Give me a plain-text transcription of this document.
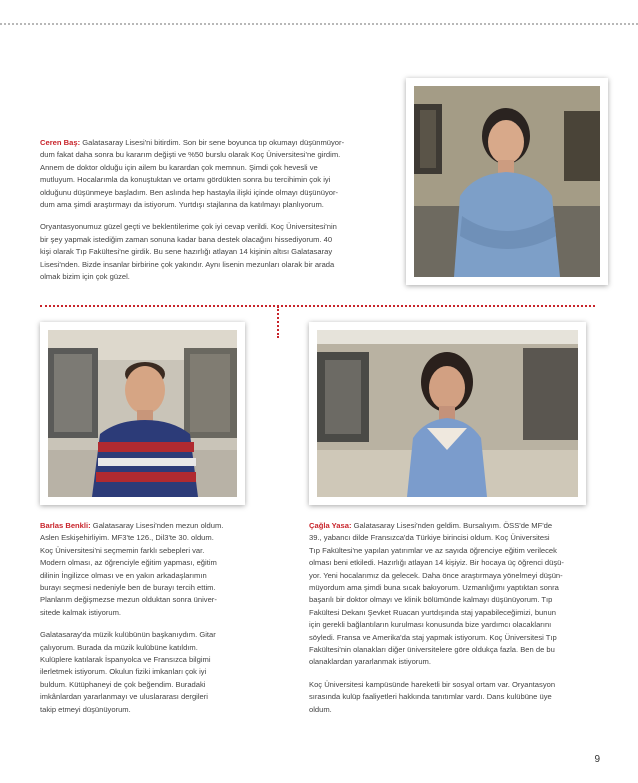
Ceren Baş: Galatasaray Lisesi'ni bitirdim. Son bir sene boyunca tıp okumayı düşünmüyor-
dum fakat daha sonra bu kararım değişti ve %50 burslu olarak Koç Üniversitesi'ne girdim.
Annem de doktor olduğu için ailem bu karardan çok memnun. Şimdi çok hevesli ve
mutluyum. Hocalarımla da konuştuktan ve ortamı gördükten sonra bu tercihimin çok iyi
olduğunu düşünmeye başladım. Ben aslında hep hastayla ilişki içinde olmayı düşünüyor-
dum ama şimdi araştırmayı da istiyorum. Yurtdışı stajlarına da katılmayı planlıyorum.

Oryantasyonumuz güzel geçti ve beklentilerime çok iyi cevap verildi. Koç Üniversitesi'nin
bir şey yapmak istediğim zaman sonuna kadar bana destek olacağını hissediyorum. 40
kişi olarak Tıp Fakültesi'ne girdik. Bu sene hazırlığı atlayan 14 kişinin altısı Galatasaray
Lisesi'nden. Bizde insanlar birbirine çok yakındır. Aynı lisenin mezunları olarak bir arada
olmak bizim için çok güzel.

Barlas Benkli: Galatasaray Lisesi'nden mezun oldum.
Aslen Eskişehirliyim. MF3'te 126., Dil3'te 30. oldum.
Koç Üniversitesi'ni seçmemin farklı sebepleri var.
Modern olması, az öğrenciyle eğitim yapması, eğitim
dilinin İngilizce olması ve en yakın arkadaşlarımın
burayı seçmesi nedeniyle ben de burayı tercih ettim.
Planlarım değişmezse mezun olduktan sonra üniver-
sitede kalmak istiyorum.

Galatasaray'da müzik kulübünün başkanıydım. Gitar
çalıyorum. Burada da müzik kulübüne katıldım.
Kulüplere katılarak İspanyolca ve Fransızca bilgimi
ilerletmek istiyorum. Okulun fiziki imkanları çok iyi
buldum. Kütüphaneyi de çok beğendim. Buradaki
imkânlardan yararlanmayı ve uluslararası dergileri
takip etmeyi düşünüyorum.

Çağla Yasa: Galatasaray Lisesi'nden geldim. Bursalıyım. ÖSS'de MF'de
39., yabancı dilde Fransızca'da Türkiye birincisi oldum. Koç Üniversitesi
Tıp Fakültesi'ne yapılan yatırımlar ve az sayıda öğrenciye eğitim verilecek
olması beni etkiledi. Hazırlığı atlayan 14 kişiyiz. Bir hocaya üç öğrenci düşü-
yor. Yeni hocalarımız da gelecek. Daha önce araştırmaya yönelmeyi düşün-
müyordum ama şimdi buna sıcak bakıyorum. Uzmanlığımı yaptıktan sonra
başarılı bir doktor olmayı ve klinik bölümünde kalmayı düşünüyorum. Tıp
Fakültesi Dekanı Şevket Ruacan yurtdışında staj yapabileceğimizi, bunun
için gerekli bağlantıların kurulması konusunda bize yardımcı olacaklarını
söyledi. Fransa ve Amerika'da staj yapmak istiyorum. Koç Üniversitesi Tıp
Fakültesi'nin olanakları diğer üniversitelere göre oldukça fazla. Ben de bu
olanaklardan yararlanmak istiyorum.

Koç Üniversitesi kampüsünde hareketli bir sosyal ortam var. Oryantasyon
sırasında kulüp faaliyetleri hakkında tanıtımlar vardı. Dans kulübüne üye
oldum.

9
